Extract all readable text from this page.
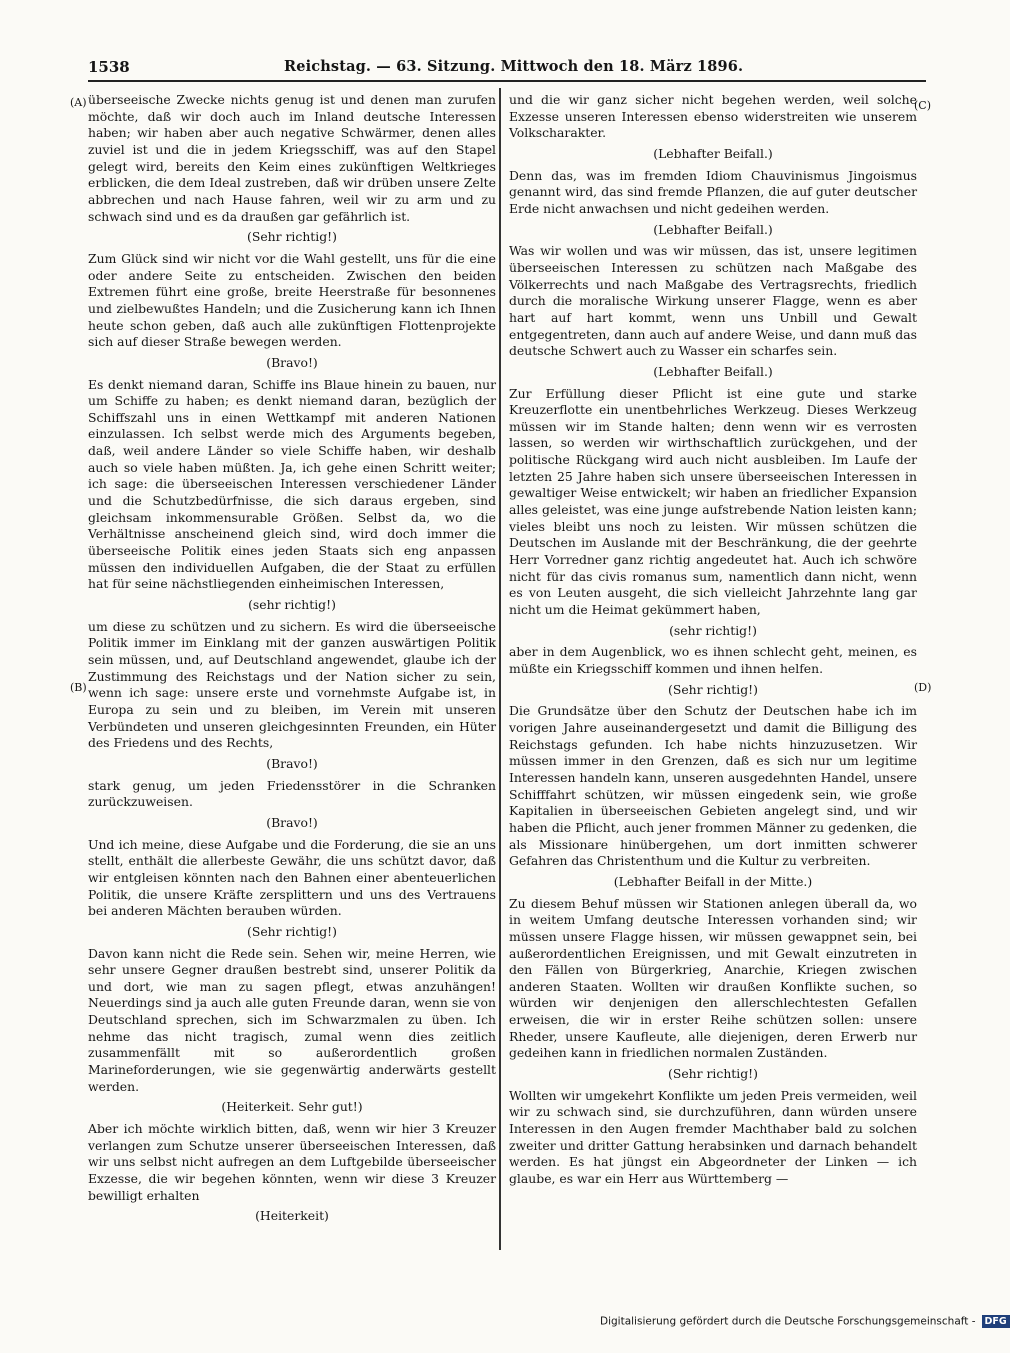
1538	Reichstag. — 63. Sitzung. Mittwoch den 18. März 1896.
(A)
(B)
(C)
(D)

überseeische Zwecke nichts genug ist und denen man zurufen möchte, daß wir doch auch im Inland deutsche Interessen haben; wir haben aber auch negative Schwärmer, denen alles zuviel ist und die in jedem Kriegsschiff, was auf den Stapel gelegt wird, bereits den Keim eines zukünftigen Weltkrieges erblicken, die dem Ideal zustreben, daß wir drüben unsere Zelte abbrechen und nach Hause fahren, weil wir zu arm und zu schwach sind und es da draußen gar gefährlich ist.

(Sehr richtig!)

Zum Glück sind wir nicht vor die Wahl gestellt, uns für die eine oder andere Seite zu entscheiden. Zwischen den beiden Extremen führt eine große, breite Heerstraße für besonnenes und zielbewußtes Handeln; und die Zusicherung kann ich Ihnen heute schon geben, daß auch alle zukünftigen Flottenprojekte sich auf dieser Straße bewegen werden.

(Bravo!)

Es denkt niemand daran, Schiffe ins Blaue hinein zu bauen, nur um Schiffe zu haben; es denkt niemand daran, bezüglich der Schiffszahl uns in einen Wettkampf mit anderen Nationen einzulassen. Ich selbst werde mich des Arguments begeben, daß, weil andere Länder so viele Schiffe haben, wir deshalb auch so viele haben müßten. Ja, ich gehe einen Schritt weiter; ich sage: die überseeischen Interessen verschiedener Länder und die Schutzbedürfnisse, die sich daraus ergeben, sind gleichsam inkommensurable Größen. Selbst da, wo die Verhältnisse anscheinend gleich sind, wird doch immer die überseeische Politik eines jeden Staats sich eng anpassen müssen den individuellen Aufgaben, die der Staat zu erfüllen hat für seine nächstliegenden einheimischen Interessen,

(sehr richtig!)

um diese zu schützen und zu sichern. Es wird die überseeische Politik immer im Einklang mit der ganzen auswärtigen Politik sein müssen, und, auf Deutschland angewendet, glaube ich der Zustimmung des Reichstags und der Nation sicher zu sein, wenn ich sage: unsere erste und vornehmste Aufgabe ist, in Europa zu sein und zu bleiben, im Verein mit unseren Verbündeten und unseren gleichgesinnten Freunden, ein Hüter des Friedens und des Rechts,

(Bravo!)

stark genug, um jeden Friedensstörer in die Schranken zurückzuweisen.

(Bravo!)

Und ich meine, diese Aufgabe und die Forderung, die sie an uns stellt, enthält die allerbeste Gewähr, die uns schützt davor, daß wir entgleisen könnten nach den Bahnen einer abenteuerlichen Politik, die unsere Kräfte zersplittern und uns des Vertrauens bei anderen Mächten berauben würden.

(Sehr richtig!)

Davon kann nicht die Rede sein. Sehen wir, meine Herren, wie sehr unsere Gegner draußen bestrebt sind, unserer Politik da und dort, wie man zu sagen pflegt, etwas anzuhängen! Neuerdings sind ja auch alle guten Freunde daran, wenn sie von Deutschland sprechen, sich im Schwarzmalen zu üben. Ich nehme das nicht tragisch, zumal wenn dies zeitlich zusammenfällt mit so außerordentlich großen Marineforderungen, wie sie gegenwärtig anderwärts gestellt werden.

(Heiterkeit. Sehr gut!)

Aber ich möchte wirklich bitten, daß, wenn wir hier 3 Kreuzer verlangen zum Schutze unserer überseeischen Interessen, daß wir uns selbst nicht aufregen an dem Luftgebilde überseeischer Exzesse, die wir begehen könnten, wenn wir diese 3 Kreuzer bewilligt erhalten

(Heiterkeit)

und die wir ganz sicher nicht begehen werden, weil solche Exzesse unseren Interessen ebenso widerstreiten wie unserem Volkscharakter.

(Lebhafter Beifall.)

Denn das, was im fremden Idiom Chauvinismus Jingoismus genannt wird, das sind fremde Pflanzen, die auf guter deutscher Erde nicht anwachsen und nicht gedeihen werden.

(Lebhafter Beifall.)

Was wir wollen und was wir müssen, das ist, unsere legitimen überseeischen Interessen zu schützen nach Maßgabe des Völkerrechts und nach Maßgabe des Vertragsrechts, friedlich durch die moralische Wirkung unserer Flagge, wenn es aber hart auf hart kommt, wenn uns Unbill und Gewalt entgegentreten, dann auch auf andere Weise, und dann muß das deutsche Schwert auch zu Wasser ein scharfes sein.

(Lebhafter Beifall.)

Zur Erfüllung dieser Pflicht ist eine gute und starke Kreuzerflotte ein unentbehrliches Werkzeug. Dieses Werkzeug müssen wir im Stande halten; denn wenn wir es verrosten lassen, so werden wir wirthschaftlich zurückgehen, und der politische Rückgang wird auch nicht ausbleiben. Im Laufe der letzten 25 Jahre haben sich unsere überseeischen Interessen in gewaltiger Weise entwickelt; wir haben an friedlicher Expansion alles geleistet, was eine junge aufstrebende Nation leisten kann; vieles bleibt uns noch zu leisten. Wir müssen schützen die Deutschen im Auslande mit der Beschränkung, die der geehrte Herr Vorredner ganz richtig angedeutet hat. Auch ich schwöre nicht für das civis romanus sum, namentlich dann nicht, wenn es von Leuten ausgeht, die sich vielleicht Jahrzehnte lang gar nicht um die Heimat gekümmert haben,

(sehr richtig!)

aber in dem Augenblick, wo es ihnen schlecht geht, meinen, es müßte ein Kriegsschiff kommen und ihnen helfen.

(Sehr richtig!)

Die Grundsätze über den Schutz der Deutschen habe ich im vorigen Jahre auseinandergesetzt und damit die Billigung des Reichstags gefunden. Ich habe nichts hinzuzusetzen. Wir müssen immer in den Grenzen, daß es sich nur um legitime Interessen handeln kann, unseren ausgedehnten Handel, unsere Schifffahrt schützen, wir müssen eingedenk sein, wie große Kapitalien in überseeischen Gebieten angelegt sind, und wir haben die Pflicht, auch jener frommen Männer zu gedenken, die als Missionare hinübergehen, um dort inmitten schwerer Gefahren das Christenthum und die Kultur zu verbreiten.

(Lebhafter Beifall in der Mitte.)

Zu diesem Behuf müssen wir Stationen anlegen überall da, wo in weitem Umfang deutsche Interessen vorhanden sind; wir müssen unsere Flagge hissen, wir müssen gewappnet sein, bei außerordentlichen Ereignissen, und mit Gewalt einzutreten in den Fällen von Bürgerkrieg, Anarchie, Kriegen zwischen anderen Staaten. Wollten wir draußen Konflikte suchen, so würden wir denjenigen den allerschlechtesten Gefallen erweisen, die wir in erster Reihe schützen sollen: unsere Rheder, unsere Kaufleute, alle diejenigen, deren Erwerb nur gedeihen kann in friedlichen normalen Zuständen.

(Sehr richtig!)

Wollten wir umgekehrt Konflikte um jeden Preis vermeiden, weil wir zu schwach sind, sie durchzuführen, dann würden unsere Interessen in den Augen fremder Machthaber bald zu solchen zweiter und dritter Gattung herabsinken und darnach behandelt werden. Es hat jüngst ein Abgeordneter der Linken — ich glaube, es war ein Herr aus Württemberg —

Digitalisierung gefördert durch die Deutsche Forschungsgemeinschaft - DFG
